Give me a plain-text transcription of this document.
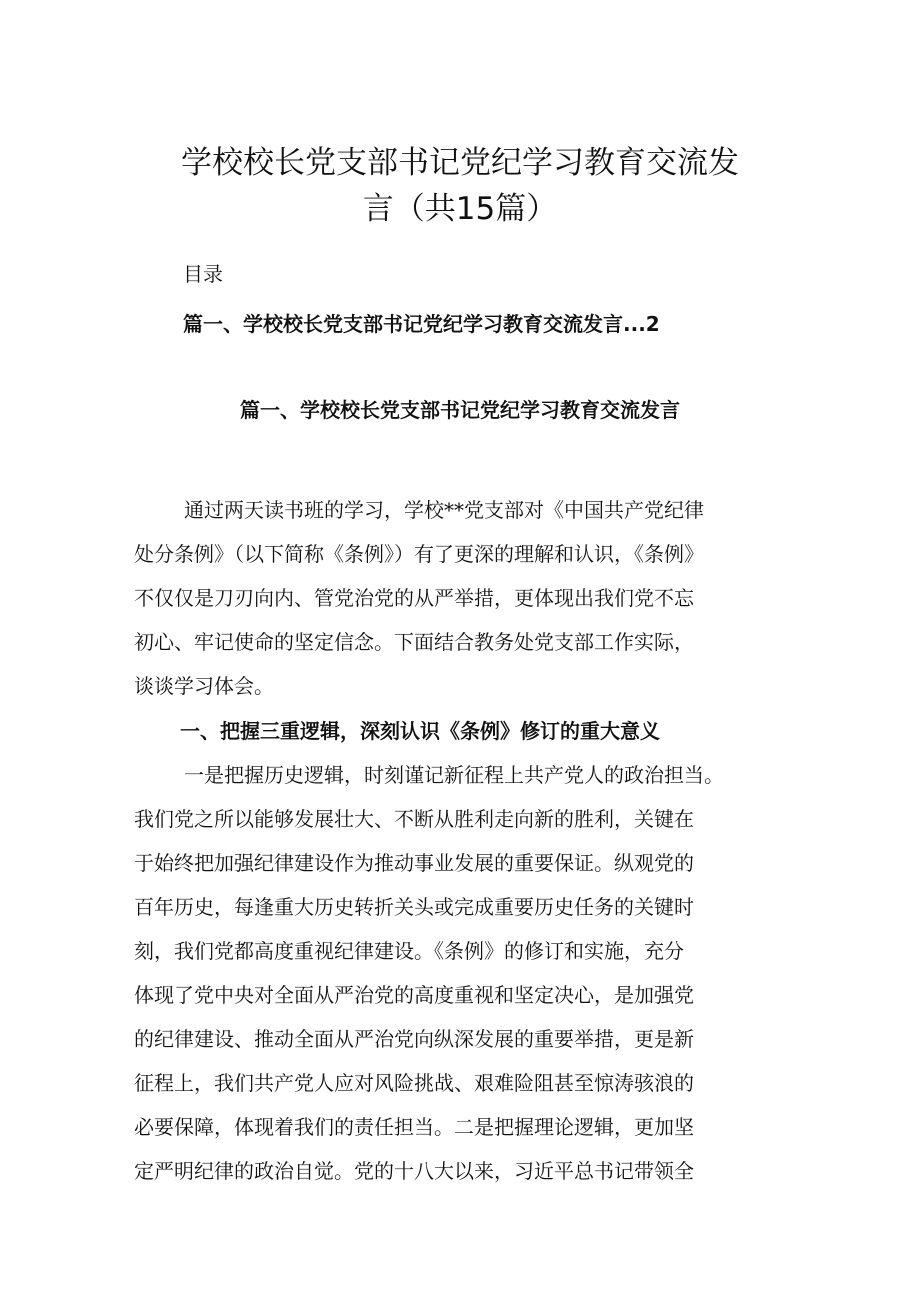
学校校长党支部书记党纪学习教育交流发
言（共15篇）

目录

篇一、学校校长党支部书记党纪学习教育交流发言...2

篇一、学校校长党支部书记党纪学习教育交流发言
通过两天读书班的学习，学校**党支部对《中国共产党纪律
处分条例》（以下简称《条例》）有了更深的理解和认识，《条例》
不仅仅是刀刃向内、管党治党的从严举措，更体现出我们党不忘
初心、牢记使命的坚定信念。下面结合教务处党支部工作实际，
谈谈学习体会。

一、把握三重逻辑，深刻认识《条例》修订的重大意义

一是把握历史逻辑，时刻谨记新征程上共产党人的政治担当。
我们党之所以能够发展壮大、不断从胜利走向新的胜利，关键在
于始终把加强纪律建设作为推动事业发展的重要保证。纵观党的
百年历史，每逢重大历史转折关头或完成重要历史任务的关键时
刻，我们党都高度重视纪律建设。《条例》的修订和实施，充分
体现了党中央对全面从严治党的高度重视和坚定决心，是加强党
的纪律建设、推动全面从严治党向纵深发展的重要举措，更是新
征程上，我们共产党人应对风险挑战、艰难险阻甚至惊涛骇浪的
必要保障，体现着我们的责任担当。二是把握理论逻辑，更加坚
定严明纪律的政治自觉。党的十八大以来，习近平总书记带领全
